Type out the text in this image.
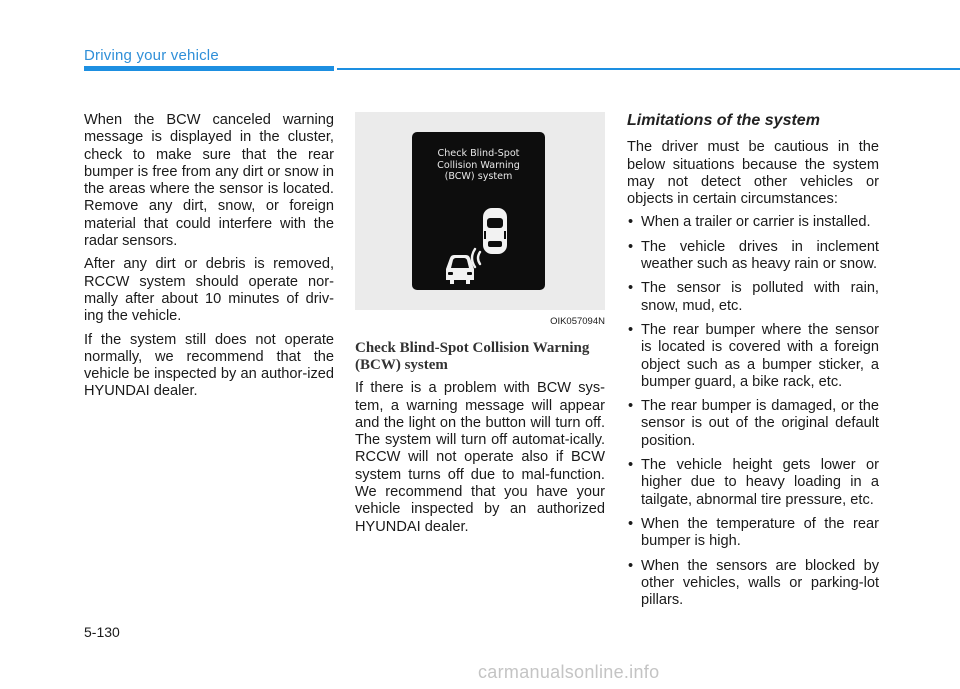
Driving your vehicle

When the BCW canceled warning message is displayed in the cluster, check to make sure that the rear bumper is free from any dirt or snow in the areas where the sensor is located. Remove any dirt, snow, or foreign material that could interfere with the radar sensors.

After any dirt or debris is removed, RCCW system should operate nor-mally after about 10 minutes of driv-ing the vehicle.

If the system still does not operate normally, we recommend that the vehicle be inspected by an author-ized HYUNDAI dealer.

Check Blind-Spot
Collision Warning
(BCW) system
OIK057094N
Check Blind-Spot Collision Warning (BCW) system

If there is a problem with BCW sys-tem, a warning message will appear and the light on the button will turn off. The system will turn off automat-ically. RCCW will not operate also if BCW system turns off due to mal-function. We recommend that you have your vehicle inspected by an authorized HYUNDAI dealer.

Limitations of the system

The driver must be cautious in the below situations because the system may not detect other vehicles or objects in certain circumstances:

• When a trailer or carrier is installed.
• The vehicle drives in inclement weather such as heavy rain or snow.
• The sensor is polluted with rain, snow, mud, etc.
• The rear bumper where the sensor is located is covered with a foreign object such as a bumper sticker, a bumper guard, a bike rack, etc.
• The rear bumper is damaged, or the sensor is out of the original default position.
• The vehicle height gets lower or higher due to heavy loading in a tailgate, abnormal tire pressure, etc.
• When the temperature of the rear bumper is high.
• When the sensors are blocked by other vehicles, walls or parking-lot pillars.
5-130
carmanualsonline.info
